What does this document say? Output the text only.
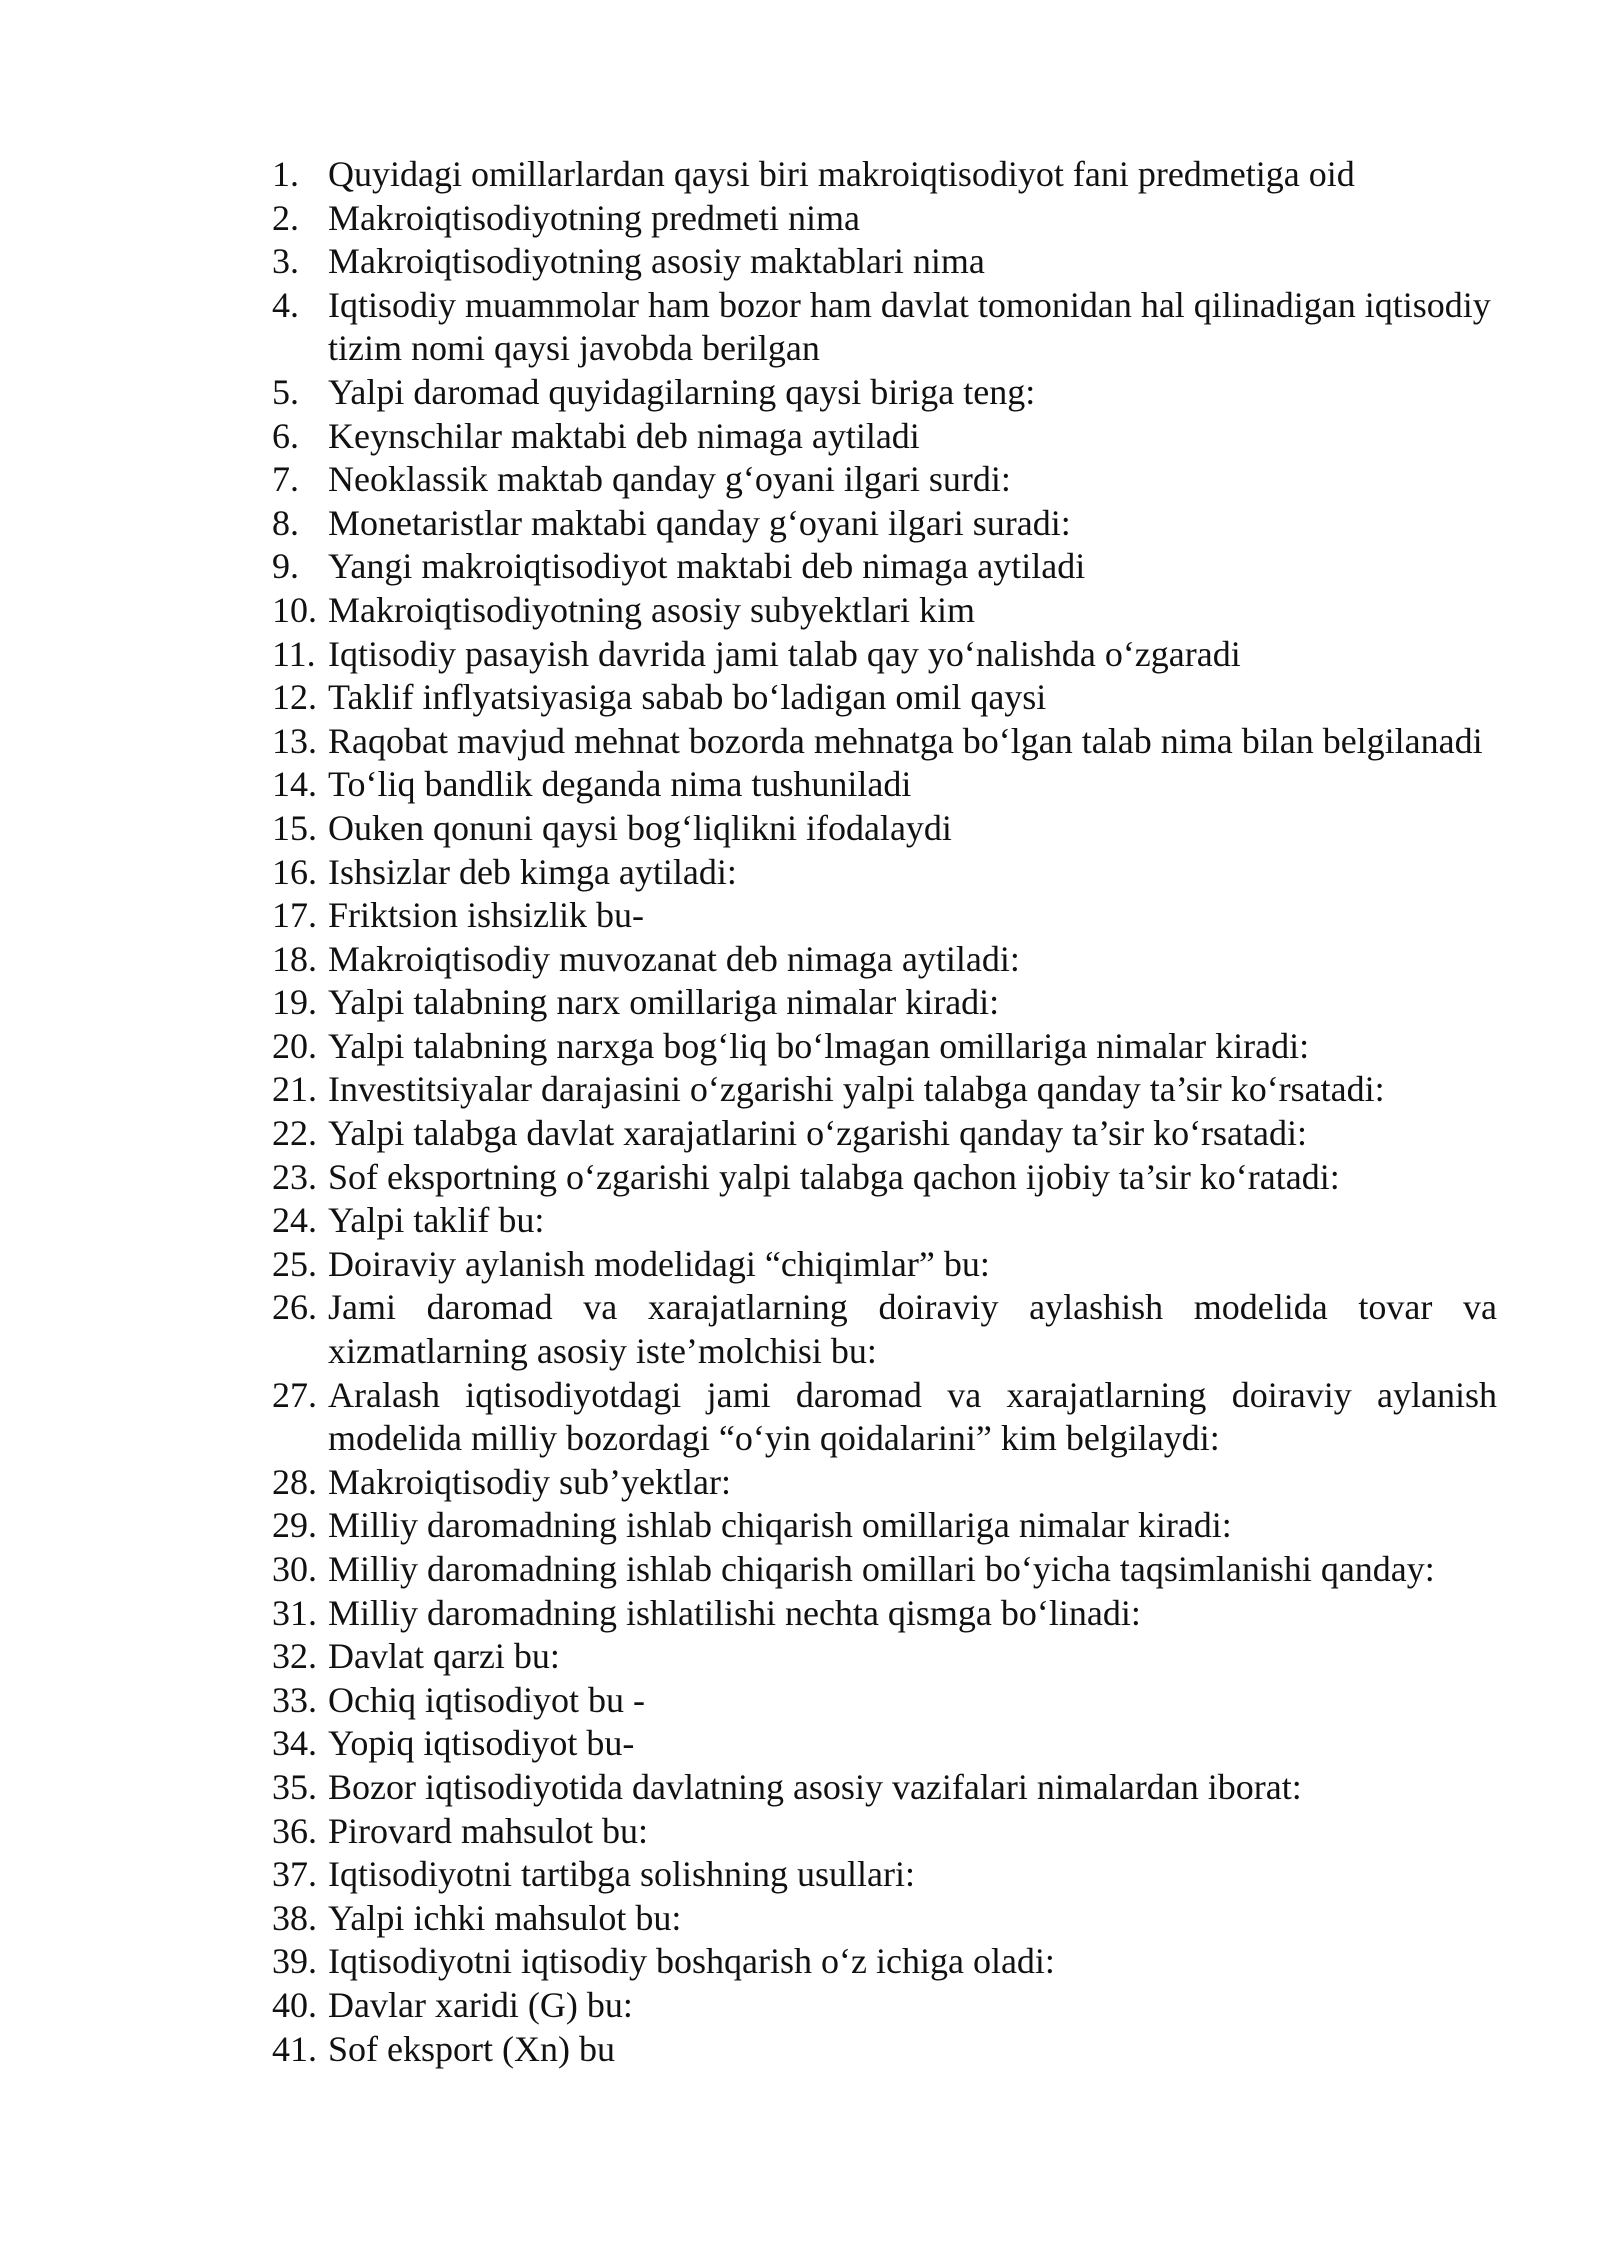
1. Quyidagi omillarlardan qaysi biri makroiqtisodiyot fani predmetiga oid
2. Makroiqtisodiyotning predmeti nima
3. Makroiqtisodiyotning asosiy maktablari nima
4. Iqtisodiy muammolar ham bozor ham davlat tomonidan hal qilinadigan iqtisodiy tizim nomi qaysi javobda berilgan
5. Yalpi daromad quyidagilarning qaysi biriga teng:
6. Keynschilar maktabi deb nimaga aytiladi
7. Neoklassik maktab qanday g‘oyani ilgari surdi:
8. Monetaristlar maktabi qanday g‘oyani ilgari suradi:
9. Yangi makroiqtisodiyot maktabi deb nimaga aytiladi
10. Makroiqtisodiyotning asosiy subyektlari kim
11. Iqtisodiy pasayish davrida jami talab qay yo‘nalishda o‘zgaradi
12. Taklif inflyatsiyasiga sabab bo‘ladigan omil qaysi
13. Raqobat mavjud mehnat bozorda mehnatga bo‘lgan talab nima bilan belgilanadi
14. To‘liq bandlik deganda nima tushuniladi
15. Ouken qonuni qaysi bog‘liqlikni ifodalaydi
16. Ishsizlar deb kimga aytiladi:
17. Friktsion ishsizlik bu-
18. Makroiqtisodiy muvozanat deb nimaga aytiladi:
19. Yalpi talabning narx omillariga nimalar kiradi:
20. Yalpi talabning narxga bog‘liq bo‘lmagan omillariga nimalar kiradi:
21. Investitsiyalar darajasini o‘zgarishi yalpi talabga qanday ta’sir ko‘rsatadi:
22. Yalpi talabga davlat xarajatlarini o‘zgarishi qanday ta’sir ko‘rsatadi:
23. Sof eksportning o‘zgarishi yalpi talabga qachon ijobiy ta’sir ko‘ratadi:
24. Yalpi taklif bu:
25. Doiraviy aylanish modelidagi “chiqimlar” bu:
26. Jami daromad va xarajatlarning doiraviy aylashish modelida tovar va xizmatlarning asosiy iste’molchisi bu:
27. Aralash iqtisodiyotdagi jami daromad va xarajatlarning doiraviy aylanish modelida milliy bozordagi “o‘yin qoidalarini” kim belgilaydi:
28. Makroiqtisodiy sub’yektlar:
29. Milliy daromadning ishlab chiqarish omillariga nimalar kiradi:
30. Milliy daromadning ishlab chiqarish omillari bo‘yicha taqsimlanishi qanday:
31. Milliy daromadning ishlatilishi nechta qismga bo‘linadi:
32. Davlat qarzi bu:
33. Ochiq iqtisodiyot bu -
34. Yopiq iqtisodiyot bu-
35. Bozor iqtisodiyotida davlatning asosiy vazifalari nimalardan iborat:
36. Pirovard mahsulot bu:
37. Iqtisodiyotni tartibga solishning usullari:
38. Yalpi ichki mahsulot bu:
39. Iqtisodiyotni iqtisodiy boshqarish o‘z ichiga oladi:
40. Davlar xaridi (G) bu:
41. Sof eksport (Xn) bu
